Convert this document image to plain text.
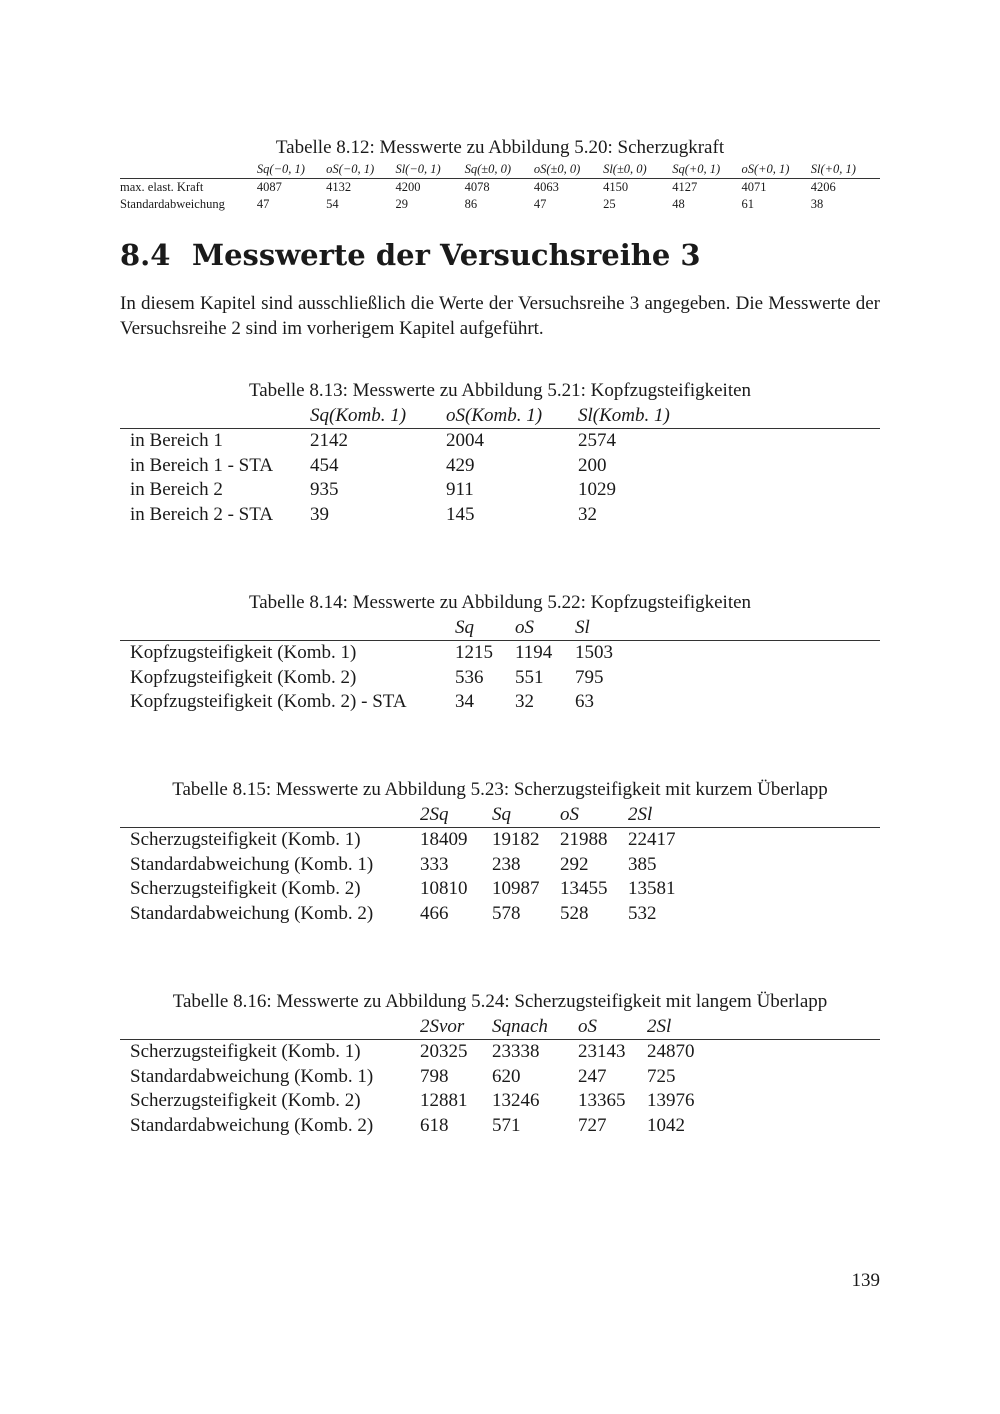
Tabelle 8.12: Messwerte zu Abbildung 5.20: Scherzugkraft
	Sq(−0, 1)	oS(−0, 1)	Sl(−0, 1)	Sq(±0, 0)	oS(±0, 0)	Sl(±0, 0)	Sq(+0, 1)	oS(+0, 1)	Sl(+0, 1)
max. elast. Kraft	4087	4132	4200	4078	4063	4150	4127	4071	4206
Standardabweichung	47	54	29	86	47	25	48	61	38
8.4 Messwerte der Versuchsreihe 3

In diesem Kapitel sind ausschließlich die Werte der Versuchsreihe 3 angegeben. Die Messwerte der Versuchsreihe 2 sind im vorherigem Kapitel aufgeführt.

Tabelle 8.13: Messwerte zu Abbildung 5.21: Kopfzugsteifigkeiten
	Sq(Komb. 1)	oS(Komb. 1)	Sl(Komb. 1)
in Bereich 1	2142	2004	2574
in Bereich 1 - STA	454	429	200
in Bereich 2	935	911	1029
in Bereich 2 - STA	39	145	32
Tabelle 8.14: Messwerte zu Abbildung 5.22: Kopfzugsteifigkeiten
	Sq	oS	Sl
Kopfzugsteifigkeit (Komb. 1)	1215	1194	1503
Kopfzugsteifigkeit (Komb. 2)	536	551	795
Kopfzugsteifigkeit (Komb. 2) - STA	34	32	63
Tabelle 8.15: Messwerte zu Abbildung 5.23: Scherzugsteifigkeit mit kurzem Überlapp
	2Sq	Sq	oS	2Sl
Scherzugsteifigkeit (Komb. 1)	18409	19182	21988	22417
Standardabweichung (Komb. 1)	333	238	292	385
Scherzugsteifigkeit (Komb. 2)	10810	10987	13455	13581
Standardabweichung (Komb. 2)	466	578	528	532
Tabelle 8.16: Messwerte zu Abbildung 5.24: Scherzugsteifigkeit mit langem Überlapp
	2Svor	Sqnach	oS	2Sl
Scherzugsteifigkeit (Komb. 1)	20325	23338	23143	24870
Standardabweichung (Komb. 1)	798	620	247	725
Scherzugsteifigkeit (Komb. 2)	12881	13246	13365	13976
Standardabweichung (Komb. 2)	618	571	727	1042
139
